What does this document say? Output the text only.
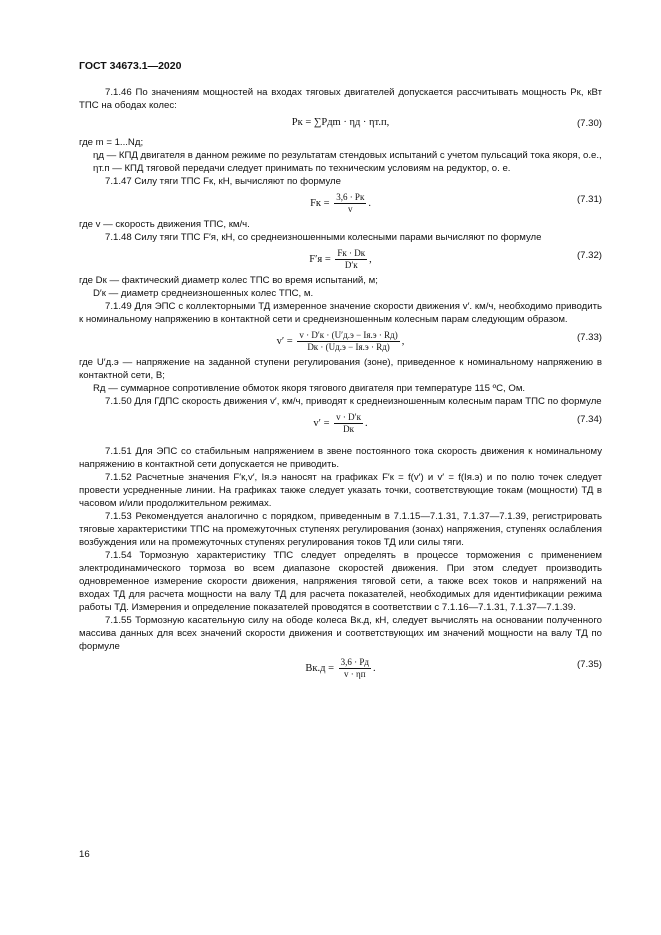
ГОСТ 34673.1—2020

7.1.46 По значениям мощностей на входах тяговых двигателей допускается рассчитывать мощность Pк, кВт ТПС на ободах колес:

Pк = ∑Pдm · ηд · ηт.п,	(7.30)

где m = 1...Nд;

ηд — КПД двигателя в данном режиме по результатам стендовых испытаний с учетом пульсаций тока якоря, о.е.,

ηт.п — КПД тяговой передачи следует принимать по техническим условиям на редуктор, о. е.

7.1.47 Силу тяги ТПС Fк, кН, вычисляют по формуле

Fк = $\frac{3,6 \cdot Pк}{v}$ .	(7.31)

где v — скорость движения ТПС, км/ч.

7.1.48 Силу тяги ТПС F′я, кН, со среднеизношенными колесными парами вычисляют по формуле

$F'я = \frac{Fк \cdot Dк}{D'к}$ ,	(7.32)

где Dк — фактический диаметр колес ТПС во время испытаний, м;

D′к — диаметр среднеизношенных колес ТПС, м.

7.1.49 Для ЭПС с коллекторными ТД измеренное значение скорости движения v′. км/ч, необходимо приводить к номинальному напряжению в контактной сети и среднеизношенным колесным парам следующим образом.

$v' = \frac{v \cdot D'к \cdot (U'д.э - Iя.э \cdot Rд)}{Dк \cdot (Uд.э - Iя.э \cdot Rд)}$ ,	(7.33)

где U′д.э — напряжение на заданной ступени регулирования (зоне), приведенное к номинальному напряжению в контактной сети, В;

Rд — суммарное сопротивление обмоток якоря тягового двигателя при температуре 115 ºС, Ом.

7.1.50 Для ГДПС скорость движения v′, км/ч, приводят к среднеизношенным колесным парам ТПС по формуле

$v' = \frac{v \cdot D'к}{Dк}$ .	(7.34)

7.1.51 Для ЭПС со стабильным напряжением в звене постоянного тока скорость движения к номинальному напряжению в контактной сети допускается не приводить.

7.1.52 Расчетные значения F′к,v′, Iя.э наносят на графиках F′к = f(v′) и v′ = f(Iя.э) и по полю точек следует провести усредненные линии. На графиках также следует указать точки, соответствующие токам (мощности) ТД в часовом и/или продолжительном режимах.

7.1.53 Рекомендуется аналогично с порядком, приведенным в 7.1.15—7.1.31, 7.1.37—7.1.39, регистрировать тяговые характеристики ТПС на промежуточных ступенях регулирования (зонах) напряжения, ступенях ослабления возбуждения или на промежуточных ступенях регулирования токов ТД или силы тяги.

7.1.54 Тормозную характеристику ТПС следует определять в процессе торможения с применением электродинамического тормоза во всем диапазоне скоростей движения. При этом следует производить одновременное измерение скорости движения, напряжения тяговой сети, а также всех токов и напряжений на входах ТД для расчета мощности на валу ТД для расчета показателей, необходимых для идентификации режима работы ТД. Измерения и определение показателей проводятся в соответствии с 7.1.16—7.1.31, 7.1.37—7.1.39.

7.1.55 Тормозную касательную силу на ободе колеса Bк.д, кН, следует вычислять на основании полученного массива данных для всех значений скорости движения и соответствующих им значений мощности на валу ТД по формуле

$Bк.д = \frac{3,6 \cdot Pд}{v \cdot \eta п}$ .	(7.35)
16
